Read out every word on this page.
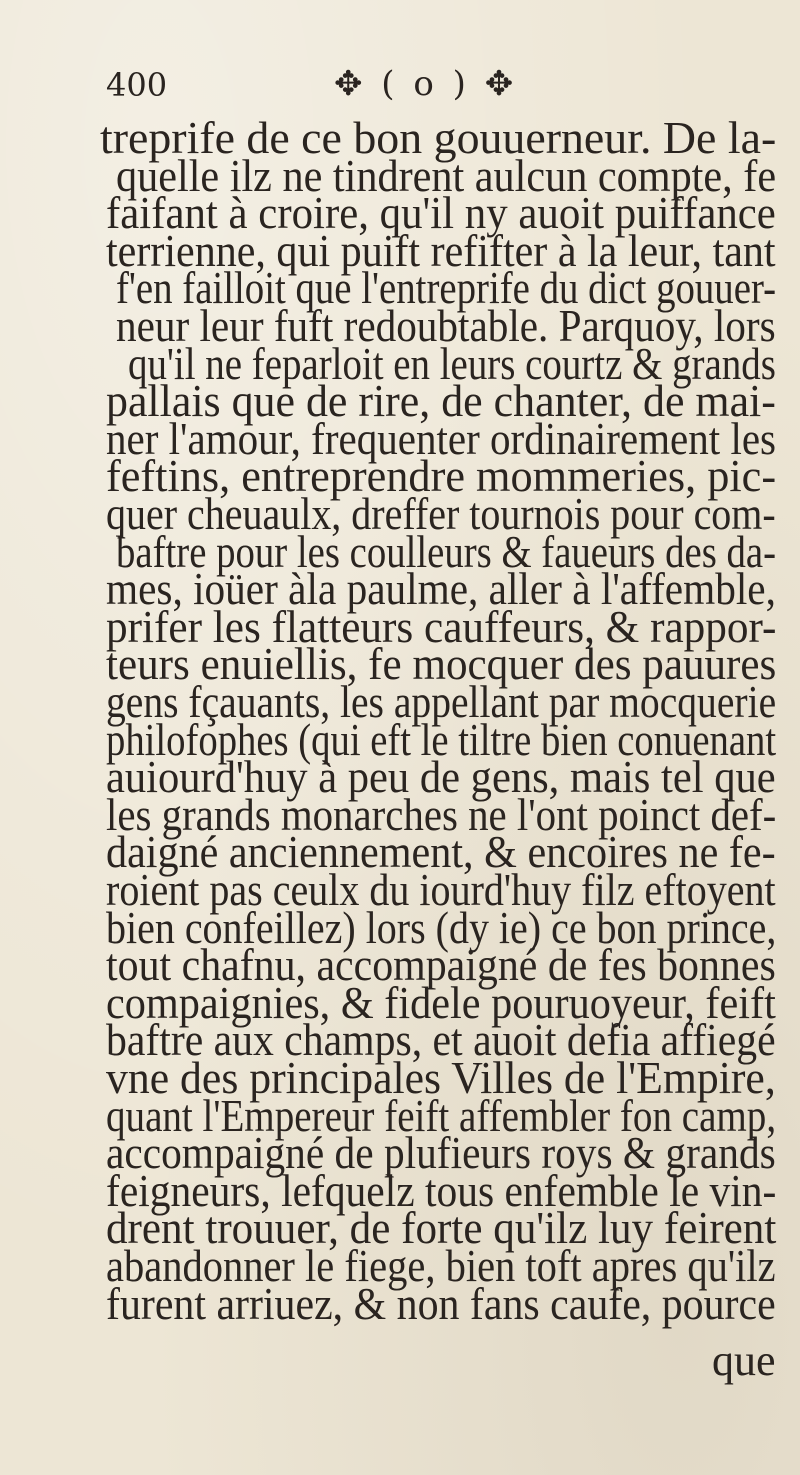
400	✥ ( o ) ✥
treprife de ce bon gouuerneur. De la-
quelle ilz ne tindrent aulcun compte, fe
faifant à croire, qu'il ny auoit puiffance
terrienne, qui puift refifter à la leur, tant
f'en failloit que l'entreprife du dict gouuer-
neur leur fuft redoubtable. Parquoy, lors
qu'il ne feparloit en leurs courtz & grands
pallais que de rire, de chanter, de mai-
ner l'amour, frequenter ordinairement les
feftins, entreprendre mommeries, pic-
quer cheuaulx, dreffer tournois pour com-
baftre pour les coulleurs & faueurs des da-
mes, ioüer àla paulme, aller à l'affemble,
prifer les flatteurs cauffeurs, & rappor-
teurs enuiellis, fe mocquer des pauures
gens fçauants, les appellant par mocquerie
philofophes (qui eft le tiltre bien conuenant
auiourd'huy à peu de gens, mais tel que
les grands monarches ne l'ont poinct def-
daigné anciennement, & encoires ne fe-
roient pas ceulx du iourd'huy filz eftoyent
bien confeillez) lors (dy ie) ce bon prince,
tout chafnu, accompaigné de fes bonnes
compaignies, & fidele pouruoyeur, feift
baftre aux champs, et auoit defia affiegé
vne des principales Villes de l'Empire,
quant l'Empereur feift affembler fon camp,
accompaigné de plufieurs roys & grands
feigneurs, lefquelz tous enfemble le vin-
drent trouuer, de forte qu'ilz luy feirent
abandonner le fiege, bien toft apres qu'ilz
furent arriuez, & non fans caufe, pource
que
